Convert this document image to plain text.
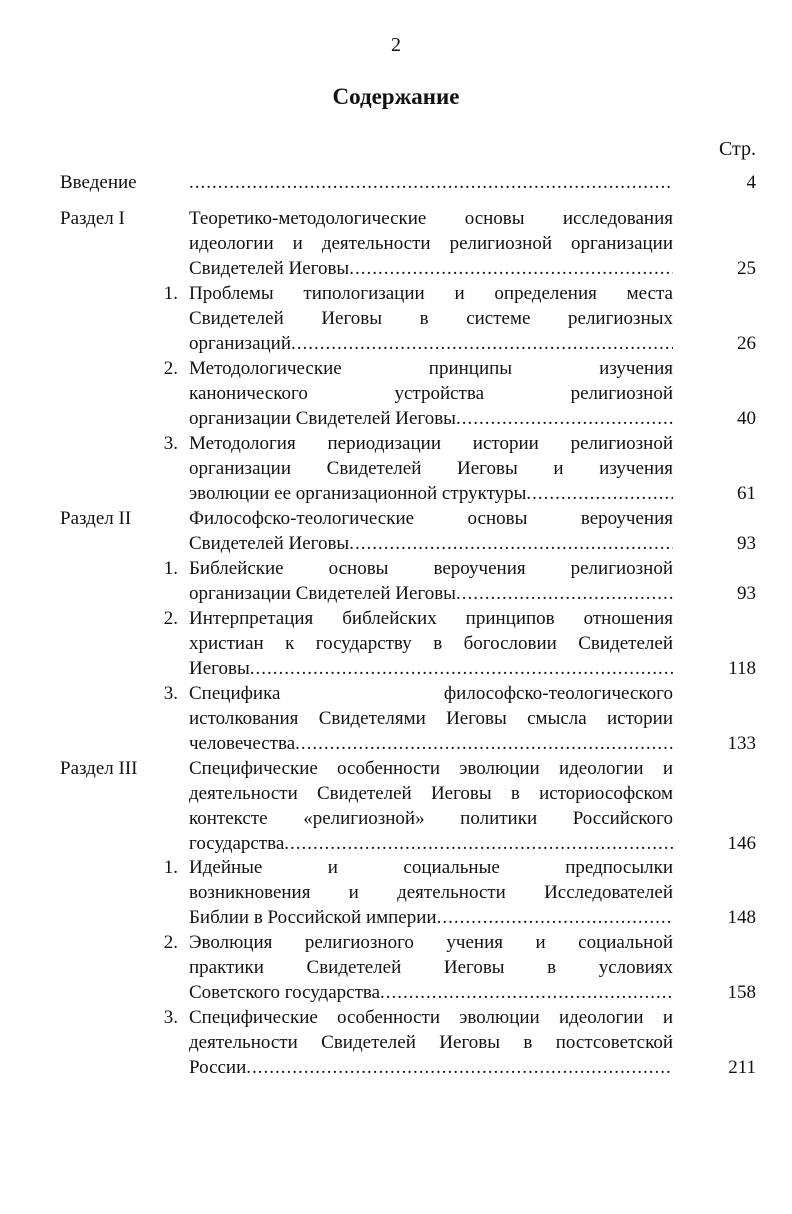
2
Содержание
Стр.
Введение .....	4
Раздел I	Теоретико-методологические основы исследования
идеологии и деятельности религиозной организации
Свидетелей Иеговы .....	25
1. Проблемы типологизации и определения места
Свидетелей Иеговы в системе религиозных
организаций .....	26
2. Методологические принципы изучения
канонического устройства религиозной
организации Свидетелей Иеговы .....	40
3. Методология периодизации истории религиозной
организации Свидетелей Иеговы и изучения
эволюции ее организационной структуры .....	61
Раздел II	Философско-теологические основы вероучения
Свидетелей Иеговы .....	93
1. Библейские основы вероучения религиозной
организации Свидетелей Иеговы .....	93
2. Интерпретация библейских принципов отношения
христиан к государству в богословии Свидетелей
Иеговы .....	118
3. Специфика философско-теологического
истолкования Свидетелями Иеговы смысла истории
человечества .....	133
Раздел III	Специфические особенности эволюции идеологии и
деятельности Свидетелей Иеговы в историософском
контексте «религиозной» политики Российского
государства .....	146
1. Идейные и социальные предпосылки
возникновения и деятельности Исследователей
Библии в Российской империи .....	148
2. Эволюция религиозного учения и социальной
практики Свидетелей Иеговы в условиях
Советского государства .....	158
3. Специфические особенности эволюции идеологии и
деятельности Свидетелей Иеговы в постсоветской
России .....	211
